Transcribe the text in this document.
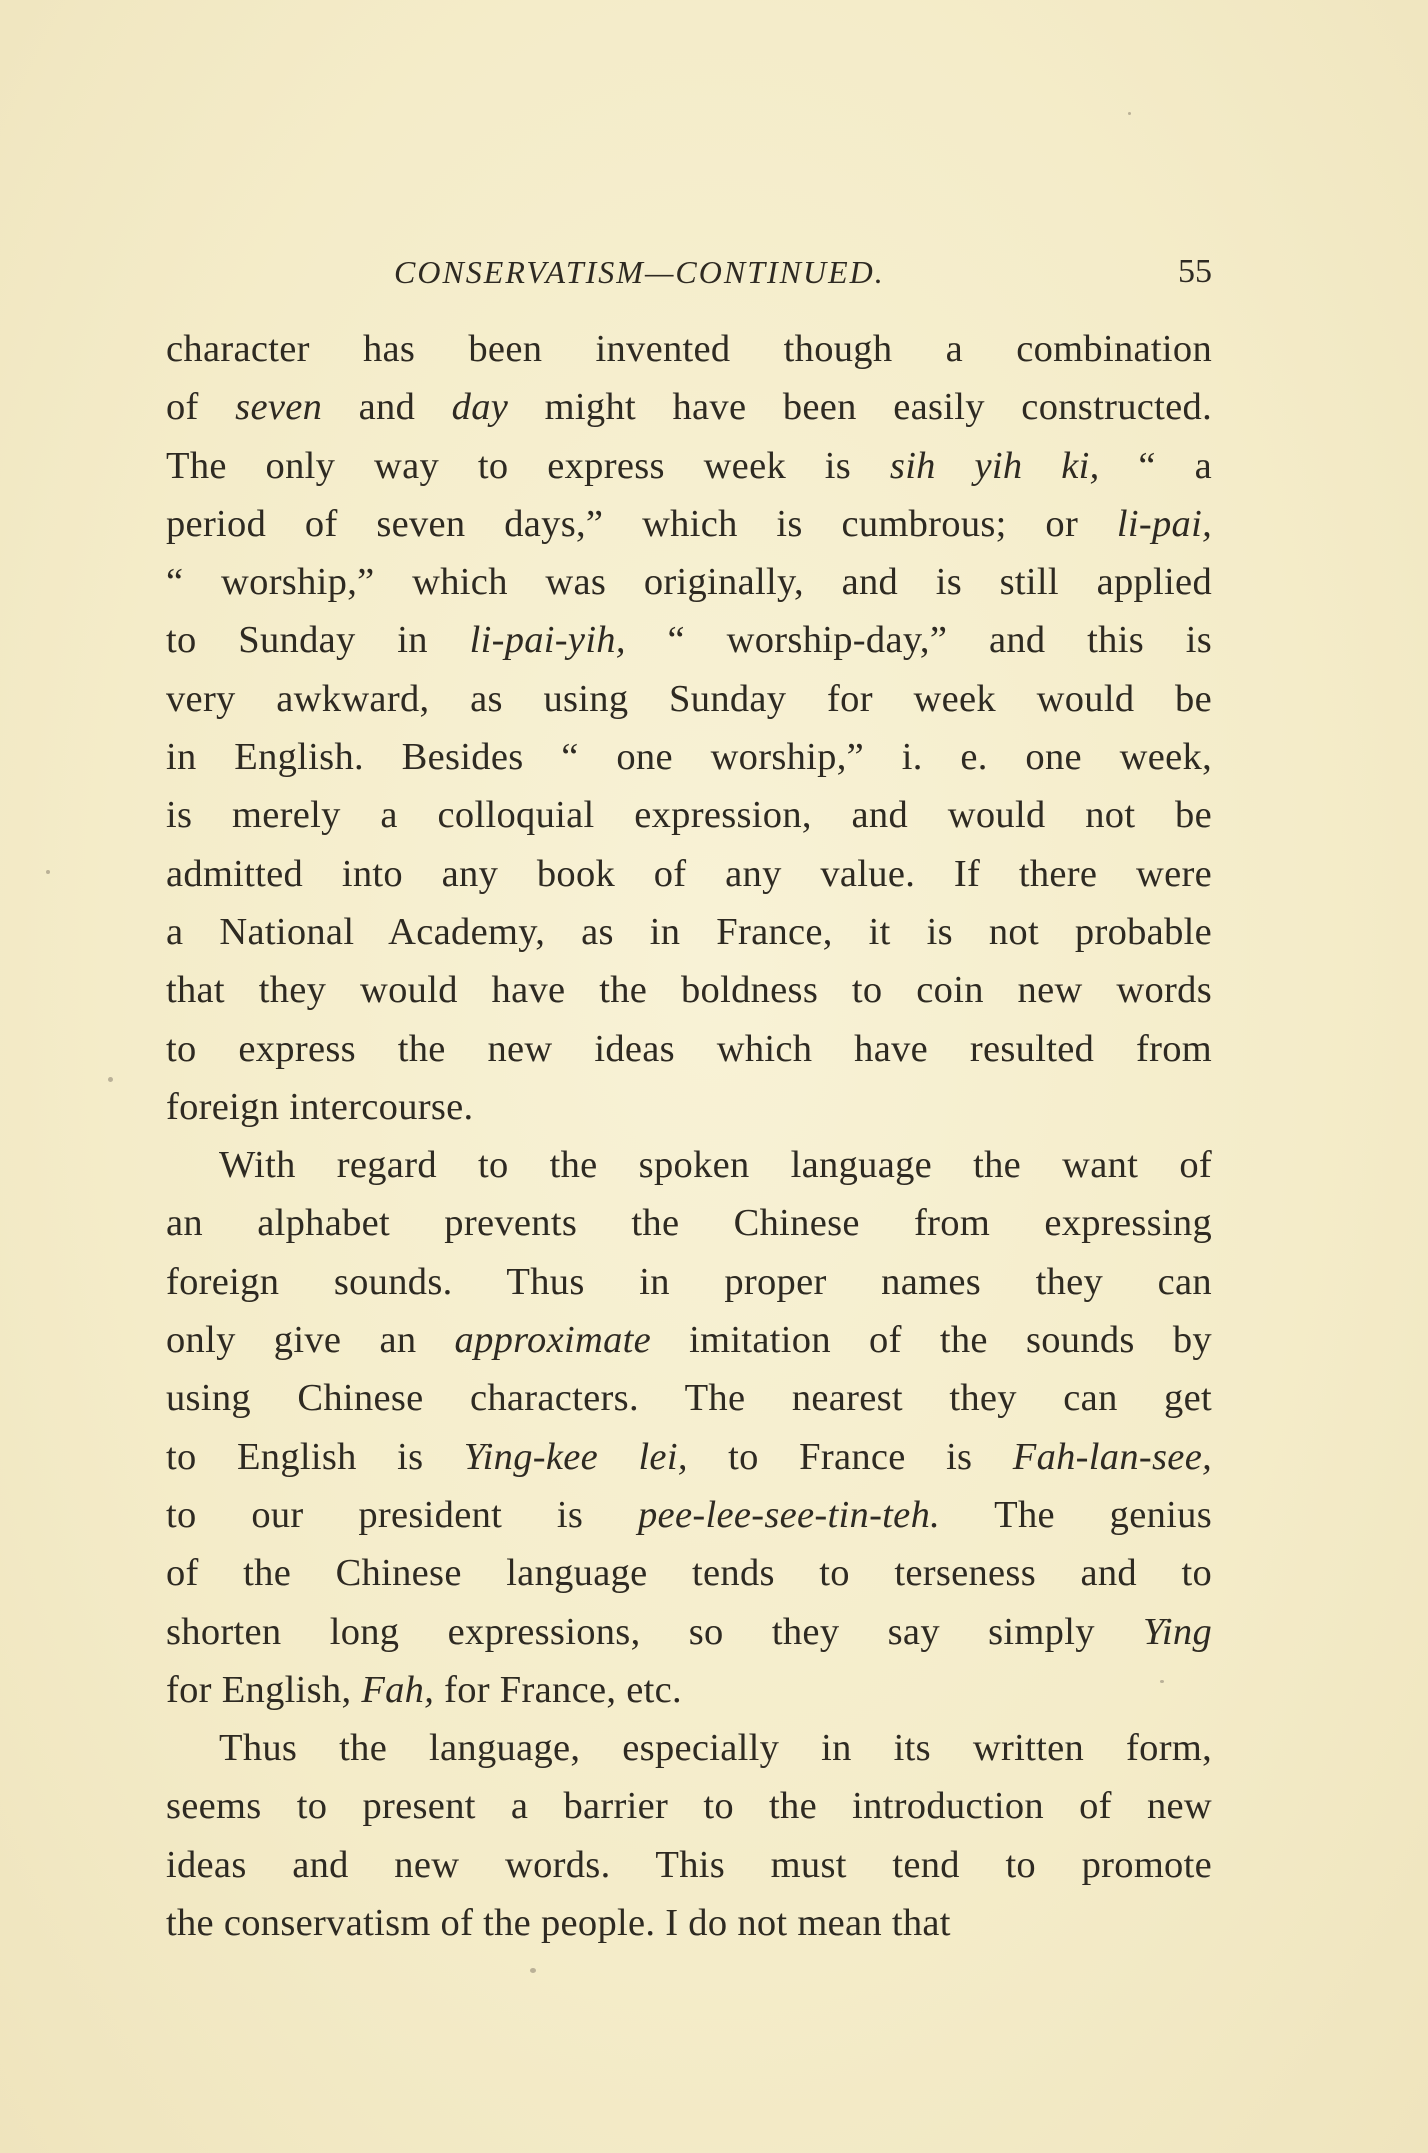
CONSERVATISM—CONTINUED.	55
character has been invented though a combination
of seven and day might have been easily constructed.
The only way to express week is sih yih ki, “ a
period of seven days,” which is cumbrous; or li-pai,
“ worship,” which was originally, and is still applied
to Sunday in li-pai-yih, “ worship-day,” and this is
very awkward, as using Sunday for week would be
in English. Besides “ one worship,” i. e. one week,
is merely a colloquial expression, and would not be
admitted into any book of any value. If there were
a National Academy, as in France, it is not probable
that they would have the boldness to coin new words
to express the new ideas which have resulted from
foreign intercourse.
With regard to the spoken language the want of
an alphabet prevents the Chinese from expressing
foreign sounds. Thus in proper names they can
only give an approximate imitation of the sounds by
using Chinese characters. The nearest they can get
to English is Ying-kee lei, to France is Fah-lan-see,
to our president is pee-lee-see-tin-teh. The genius
of the Chinese language tends to terseness and to
shorten long expressions, so they say simply Ying
for English, Fah, for France, etc.
Thus the language, especially in its written form,
seems to present a barrier to the introduction of new
ideas and new words. This must tend to promote
the conservatism of the people. I do not mean that
